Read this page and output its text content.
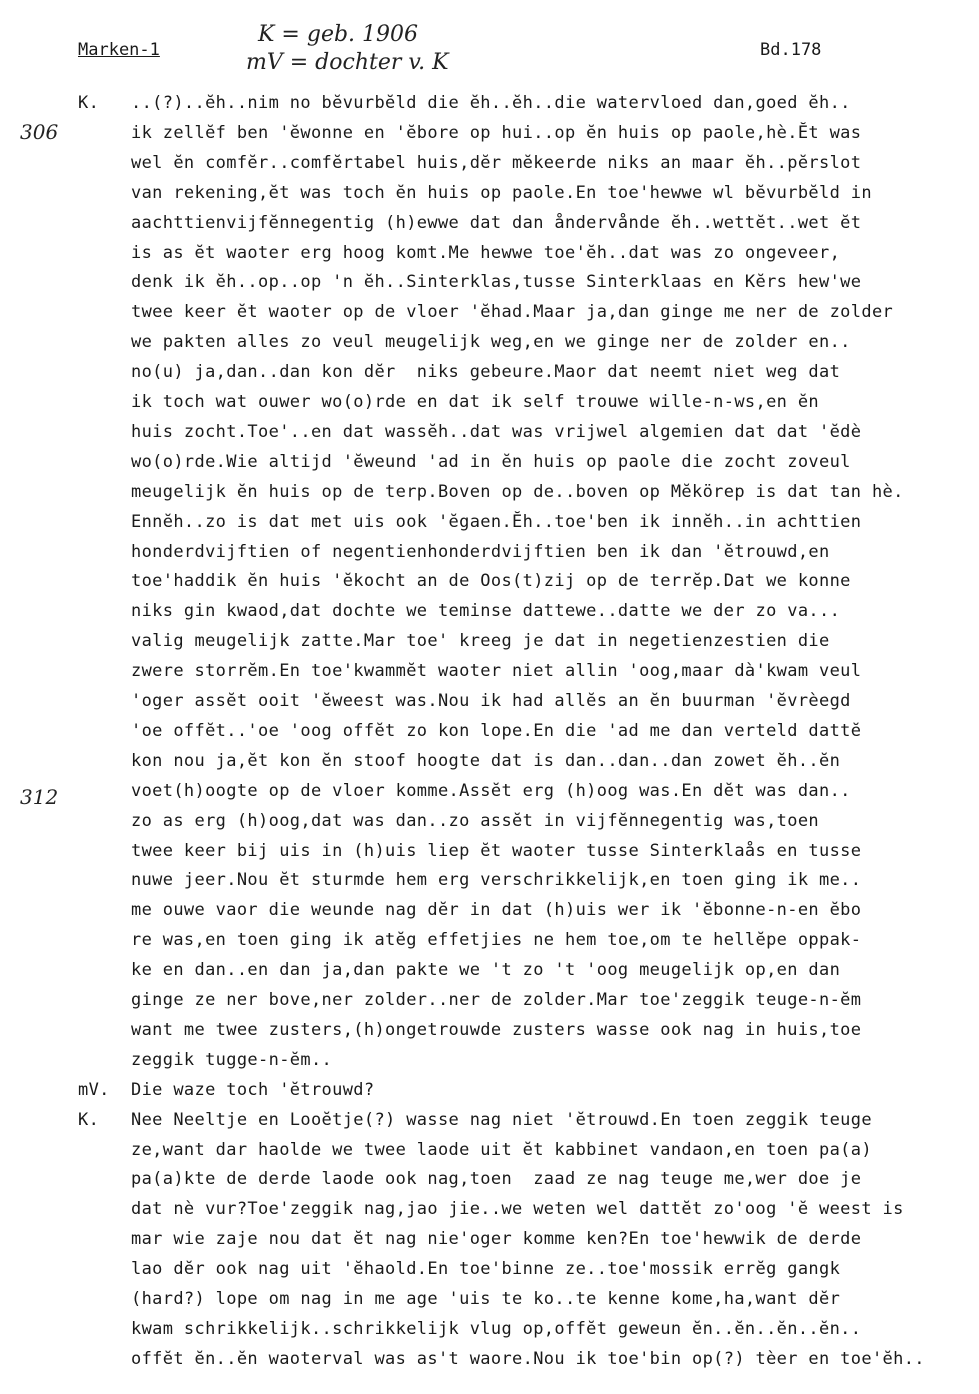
Marken-1
K = geb. 1906
mV = dochter v. K	Bd.178
306
312
K.	..(?)..ĕh..nim no bĕvurbĕld die ĕh..ĕh..die watervloed dan,goed ĕh..
ik zellĕf ben 'ĕwonne en 'ĕbore op hui..op ĕn huis op paole,hè.Ĕt was
wel ĕn comfĕr..comfĕrtabel huis,dĕr mĕkeerde niks an maar ĕh..pĕrslot
van rekening,ĕt was toch ĕn huis op paole.En toe'hewwe wl bĕvurbĕld in
aachttienvijfĕnnegentig (h)ewwe dat dan åndervånde ĕh..wettĕt..wet ĕt
is as ĕt waoter erg hoog komt.Me hewwe toe'ĕh..dat was zo ongeveer,
denk ik ĕh..op..op 'n ĕh..Sinterklas,tusse Sinterklaas en Kĕrs hew'we
twee keer ĕt waoter op de vloer 'ĕhad.Maar ja,dan ginge me ner de zolder
we pakten alles zo veul meugelijk weg,en we ginge ner de zolder en..
no(u) ja,dan..dan kon dĕr  niks gebeure.Maor dat neemt niet weg dat
ik toch wat ouwer wo(o)rde en dat ik self trouwe wille-n-ws,en ĕn
huis zocht.Toe'..en dat wassĕh..dat was vrijwel algemien dat dat 'ĕdè
wo(o)rde.Wie altijd 'ĕweund 'ad in ĕn huis op paole die zocht zoveul
meugelijk ĕn huis op de terp.Boven op de..boven op Mĕkörep is dat tan hè.
Ennĕh..zo is dat met uis ook 'ĕgaen.Ĕh..toe'ben ik innĕh..in achttien
honderdvijftien of negentienhonderdvijftien ben ik dan 'ĕtrouwd,en
toe'haddik ĕn huis 'ĕkocht an de Oos(t)zij op de terrĕp.Dat we konne
niks gin kwaod,dat dochte we teminse dattewe..datte we der zo va...
valig meugelijk zatte.Mar toe' kreeg je dat in negetienzestien die
zwere storrĕm.En toe'kwammĕt waoter niet allin 'oog,maar dà'kwam veul
'oger assĕt ooit 'ĕweest was.Nou ik had allĕs an ĕn buurman 'ĕvrèegd
'oe offĕt..'oe 'oog offĕt zo kon lope.En die 'ad me dan verteld dattĕ
kon nou ja,ĕt kon ĕn stoof hoogte dat is dan..dan..dan zowet ĕh..ĕn
voet(h)oogte op de vloer komme.Assĕt erg (h)oog was.En dĕt was dan..
zo as erg (h)oog,dat was dan..zo assĕt in vijfĕnnegentig was,toen
twee keer bij uis in (h)uis liep ĕt waoter tusse Sinterklaås en tusse
nuwe jeer.Nou ĕt sturmde hem erg verschrikkelijk,en toen ging ik me..
me ouwe vaor die weunde nag dĕr in dat (h)uis wer ik 'ĕbonne-n-en ĕbo
re was,en toen ging ik atĕg effetjies ne hem toe,om te hellĕpe oppak-
ke en dan..en dan ja,dan pakte we 't zo 't 'oog meugelijk op,en dan
ginge ze ner bove,ner zolder..ner de zolder.Mar toe'zeggik teuge-n-ĕm
want me twee zusters,(h)ongetrouwde zusters wasse ook nag in huis,toe
zeggik tugge-n-ĕm..
mV.	Die waze toch 'ĕtrouwd?
K.	Nee Neeltje en Looĕtje(?) wasse nag niet 'ĕtrouwd.En toen zeggik teuge
ze,want dar haolde we twee laode uit ĕt kabbinet vandaon,en toen pa(a)
pa(a)kte de derde laode ook nag,toen  zaad ze nag teuge me,wer doe je
dat nè vur?Toe'zeggik nag,jao jie..we weten wel dattĕt zo'oog 'ĕ weest is
mar wie zaje nou dat ĕt nag nie'oger komme ken?En toe'hewwik de derde
lao dĕr ook nag uit 'ĕhaold.En toe'binne ze..toe'mossik errĕg gangk
(hard?) lope om nag in me age 'uis te ko..te kenne kome,ha,want dĕr
kwam schrikkelijk..schrikkelijk vlug op,offĕt geweun ĕn..ĕn..ĕn..ĕn..
offĕt ĕn..ĕn waoterval was as't waore.Nou ik toe'bin op(?) tèer en toe'ĕh..
